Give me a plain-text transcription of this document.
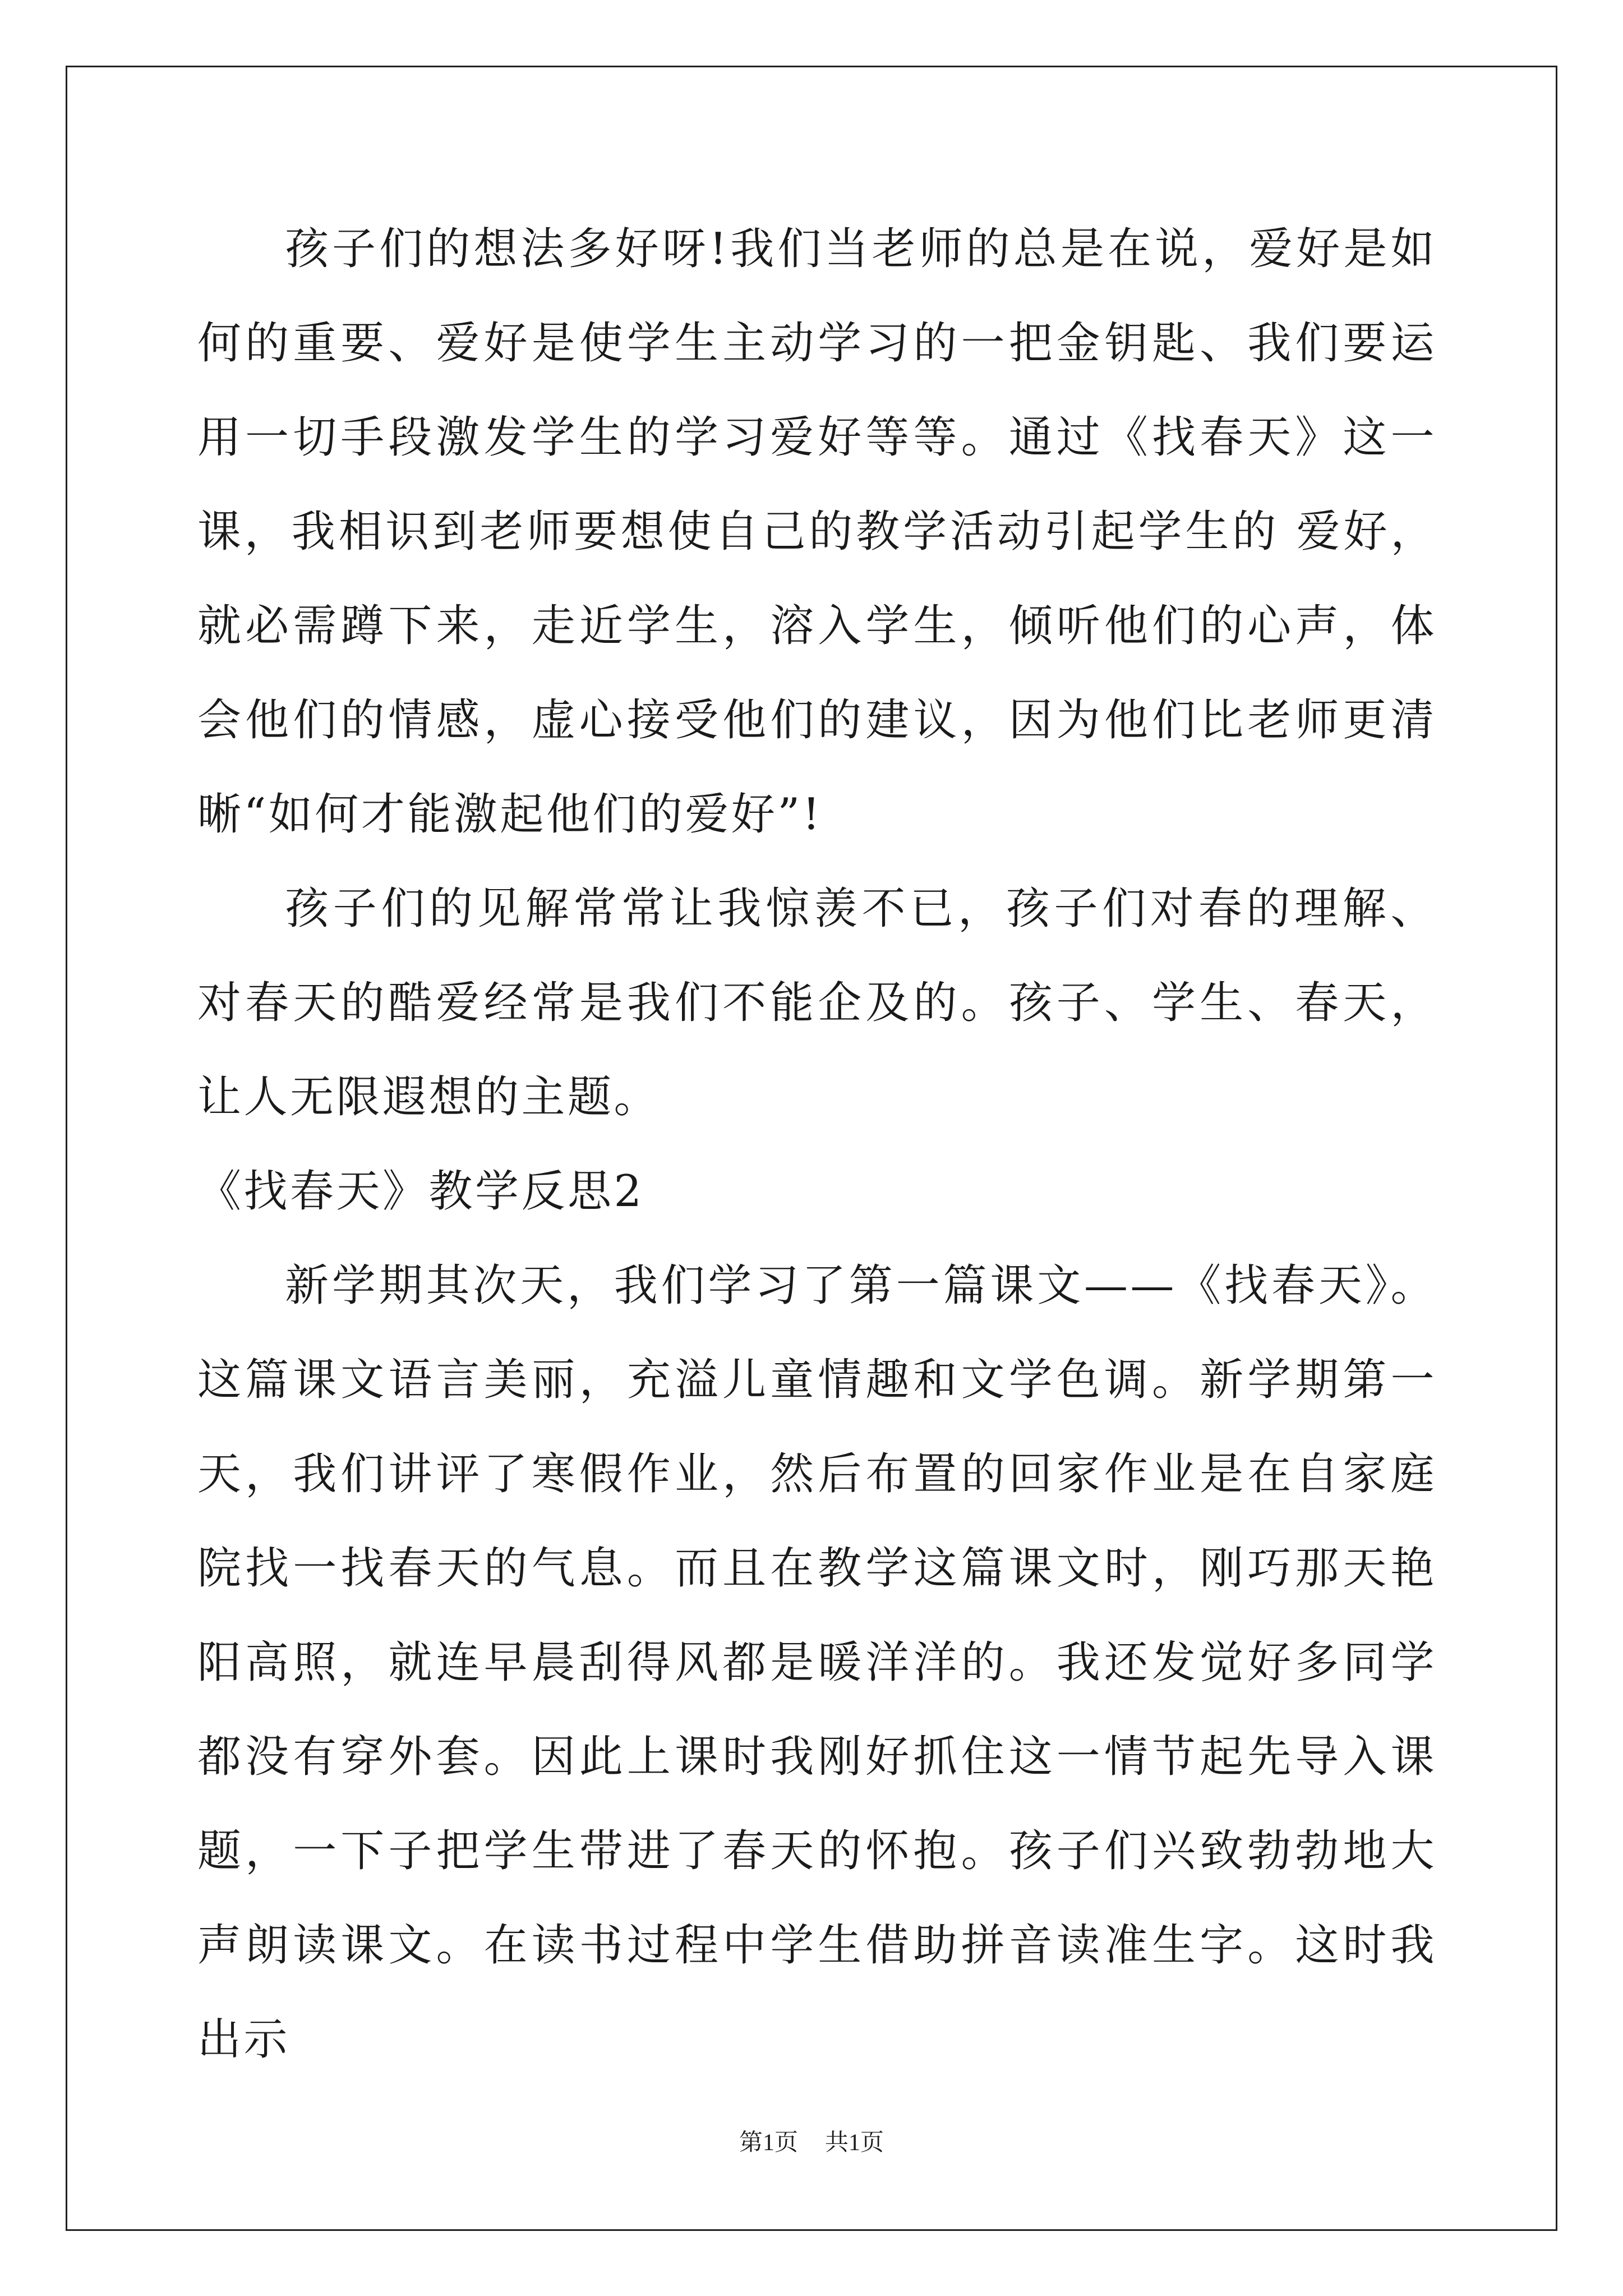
孩子们的想法多好呀!我们当老师的总是在说，爱好是如何的重要、爱好是使学生主动学习的一把金钥匙、我们要运用一切手段激发学生的学习爱好等等。通过《找春天》这一课，我相识到老师要想使自己的教学活动引起学生的 爱好，就必需蹲下来，走近学生，溶入学生，倾听他们的心声，体会他们的情感，虚心接受他们的建议，因为他们比老师更清晰“如何才能激起他们的爱好”!

孩子们的见解常常让我惊羡不已，孩子们对春的理解、对春天的酷爱经常是我们不能企及的。孩子、学生、春天，让人无限遐想的主题。

《找春天》教学反思2

新学期其次天，我们学习了第一篇课文——《找春天》。这篇课文语言美丽，充溢儿童情趣和文学色调。新学期第一天，我们讲评了寒假作业，然后布置的回家作业是在自家庭院找一找春天的气息。而且在教学这篇课文时，刚巧那天艳阳高照，就连早晨刮得风都是暖洋洋的。我还发觉好多同学都没有穿外套。因此上课时我刚好抓住这一情节起先导入课题，一下子把学生带进了春天的怀抱。孩子们兴致勃勃地大声朗读课文。在读书过程中学生借助拼音读准生字。这时我出示

第1页 共1页
